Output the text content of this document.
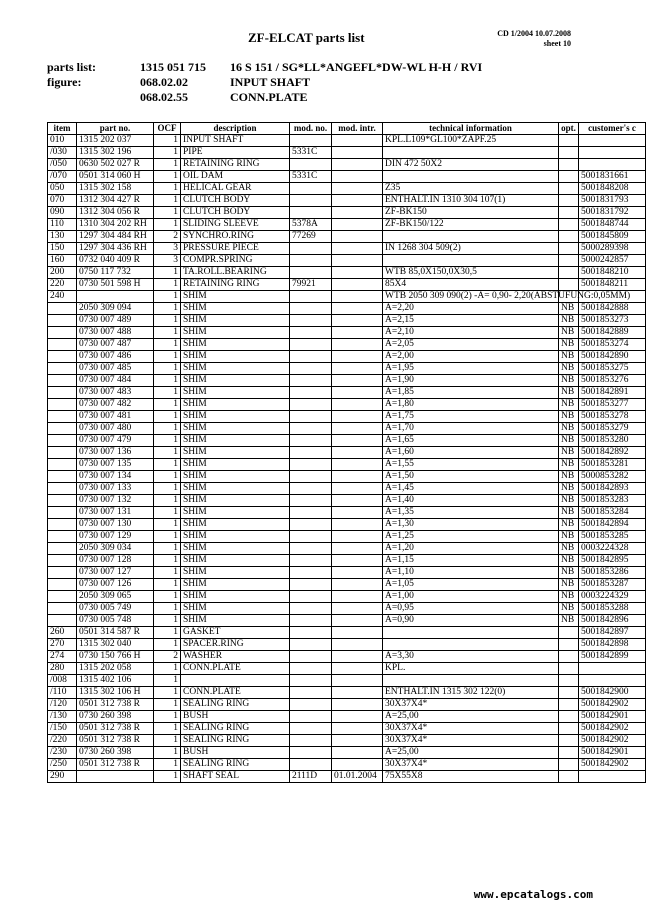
ZF-ELCAT parts list	CD 1/2004 10.07.2008
sheet 10
parts list:	1315 051 715	16 S 151 / SG*LL*ANGEFL*DW-WL H-H / RVI
figure:	068.02.02	INPUT SHAFT
068.02.55	CONN.PLATE
item	part no.	OCF	description	mod. no.	mod. intr.	technical information	opt.	customer's c
010	1315 202 037	1	INPUT SHAFT			KPL.L109*GL100*ZAPF.25		
/030	1315 302 196	1	PIPE	5331C				
/050	0630 502 027 R	1	RETAINING RING			DIN 472 50X2		
/070	0501 314 060 H	1	OIL DAM	5331C				5001831661
050	1315 302 158	1	HELICAL GEAR			Z35		5001848208
070	1312 304 427 R	1	CLUTCH BODY			ENTHALT.IN 1310 304 107(1)		5001831793
090	1312 304 056 R	1	CLUTCH BODY			ZF-BK150		5001831792
110	1310 304 202 RH	1	SLIDING SLEEVE	5378A		ZF-BK150/122		5001848744
130	1297 304 484 RH	2	SYNCHRO.RING	77269				5001845809
150	1297 304 436 RH	3	PRESSURE PIECE			IN 1268 304 509(2)		5000289398
160	0732 040 409 R	3	COMPR.SPRING					5000242857
200	0750 117 732	1	TA.ROLL.BEARING			WTB 85,0X150,0X30,5		5001848210
220	0730 501 598 H	1	RETAINING RING	79921		85X4		5001848211
240		1	SHIM			WTB 2050 309 090(2) -A= 0,90- 2,20(ABSTUFUNG:0,05MM)		
	2050 309 094	1	SHIM			A=2,20	NB	5001842888
	0730 007 489	1	SHIM			A=2,15	NB	5001853273
	0730 007 488	1	SHIM			A=2,10	NB	5001842889
	0730 007 487	1	SHIM			A=2,05	NB	5001853274
	0730 007 486	1	SHIM			A=2,00	NB	5001842890
	0730 007 485	1	SHIM			A=1,95	NB	5001853275
	0730 007 484	1	SHIM			A=1,90	NB	5001853276
	0730 007 483	1	SHIM			A=1,85	NB	5001842891
	0730 007 482	1	SHIM			A=1,80	NB	5001853277
	0730 007 481	1	SHIM			A=1,75	NB	5001853278
	0730 007 480	1	SHIM			A=1,70	NB	5001853279
	0730 007 479	1	SHIM			A=1,65	NB	5001853280
	0730 007 136	1	SHIM			A=1,60	NB	5001842892
	0730 007 135	1	SHIM			A=1,55	NB	5001853281
	0730 007 134	1	SHIM			A=1,50	NB	5000853282
	0730 007 133	1	SHIM			A=1,45	NB	5001842893
	0730 007 132	1	SHIM			A=1,40	NB	5001853283
	0730 007 131	1	SHIM			A=1,35	NB	5001853284
	0730 007 130	1	SHIM			A=1,30	NB	5001842894
	0730 007 129	1	SHIM			A=1,25	NB	5001853285
	2050 309 034	1	SHIM			A=1,20	NB	0003224328
	0730 007 128	1	SHIM			A=1,15	NB	5001842895
	0730 007 127	1	SHIM			A=1,10	NB	5001853286
	0730 007 126	1	SHIM			A=1,05	NB	5001853287
	2050 309 065	1	SHIM			A=1,00	NB	0003224329
	0730 005 749	1	SHIM			A=0,95	NB	5001853288
	0730 005 748	1	SHIM			A=0,90	NB	5001842896
260	0501 314 587 R	1	GASKET					5001842897
270	1315 302 040	1	SPACER.RING					5001842898
274	0730 150 766 H	2	WASHER			A=3,30		5001842899
280	1315 202 058	1	CONN.PLATE			KPL.		
/008	1315 402 106	1						
/110	1315 302 106 H	1	CONN.PLATE			ENTHALT.IN 1315 302 122(0)		5001842900
/120	0501 312 738 R	1	SEALING RING			30X37X4*		5001842902
/130	0730 260 398	1	BUSH			A=25,00		5001842901
/150	0501 312 738 R	1	SEALING RING			30X37X4*		5001842902
/220	0501 312 738 R	1	SEALING RING			30X37X4*		5001842902
/230	0730 260 398	1	BUSH			A=25,00		5001842901
/250	0501 312 738 R	1	SEALING RING			30X37X4*		5001842902
290		1	SHAFT SEAL	2111D	01.01.2004	75X55X8		
www.epcatalogs.com
